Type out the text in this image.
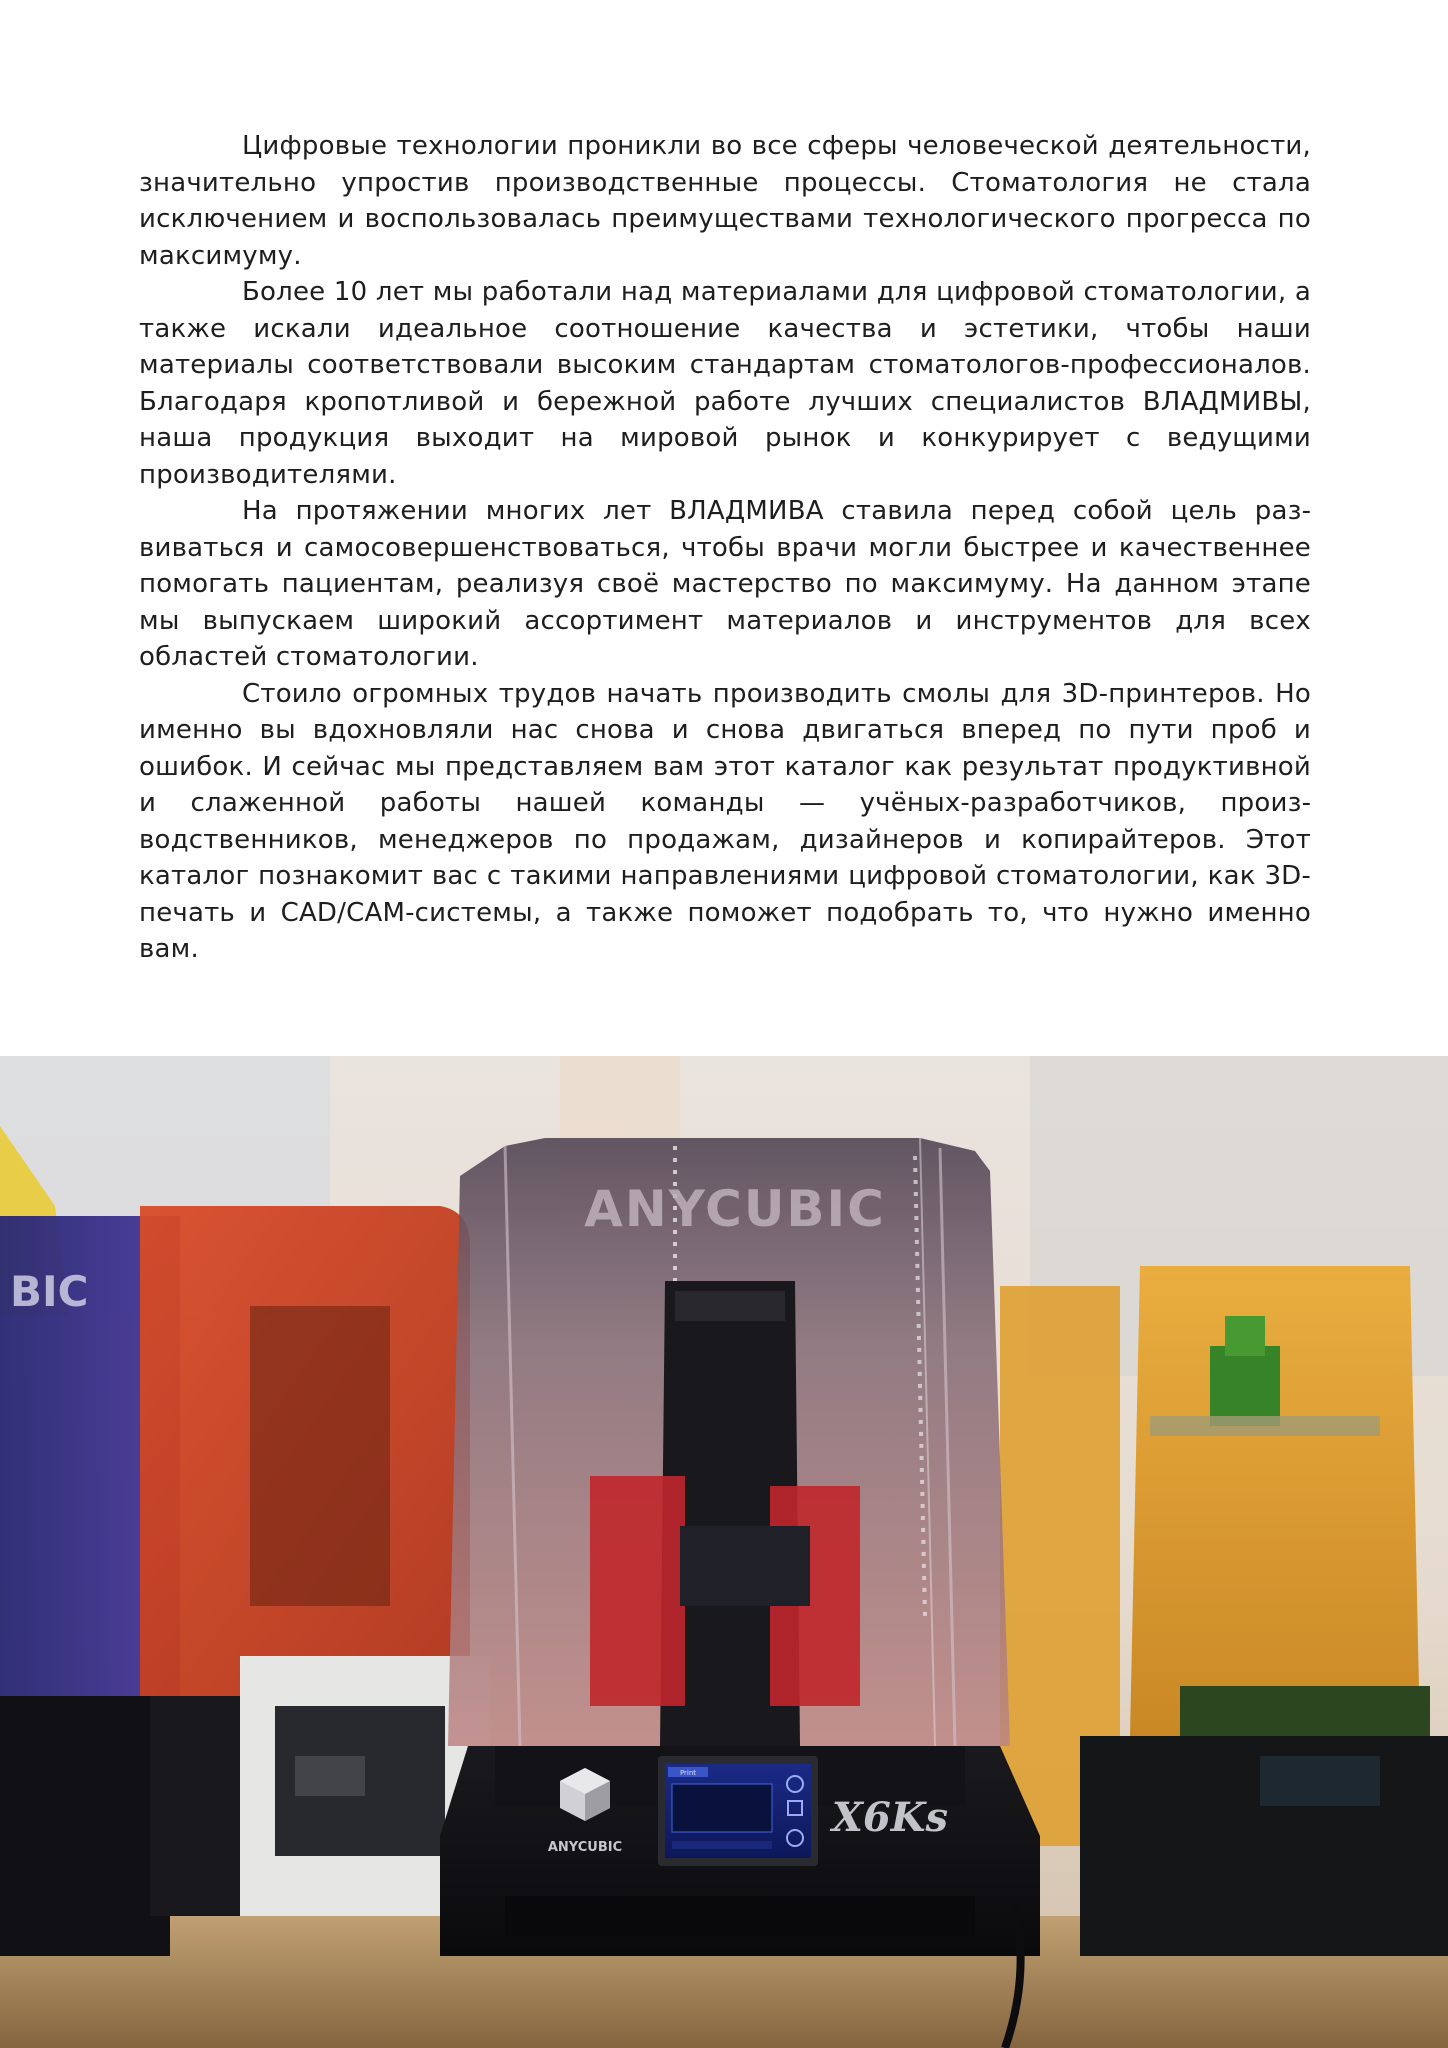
Цифровые технологии проникли во все сферы человеческой деятельности, значительно упростив производственные процессы. Стоматология не стала исключением и воспользовалась преимуществами технологического прогресса по максимуму.

Более 10 лет мы работали над материалами для цифровой стоматологии, а также искали идеальное соотношение качества и эстетики, чтобы наши материалы соответствовали высоким стандартам стоматологов-профессионалов. Благодаря кропотливой и бережной работе лучших специалистов ВЛАДМИВЫ, наша продукция выходит на мировой рынок и конкурирует с ведущими производителями.

На протяжении многих лет ВЛАДМИВА ставила перед собой цель развиваться и самосовершенствоваться, чтобы врачи могли быстрее и качественнее помогать пациентам, реализуя своё мастерство по максимуму. На данном этапе мы выпускаем широкий ассортимент материалов и инструментов для всех областей стоматологии.

Стоило огромных трудов начать производить смолы для 3D-принтеров. Но именно вы вдохновляли нас снова и снова двигаться вперед по пути проб и ошибок. И сейчас мы представляем вам этот каталог как результат продуктивной и слаженной работы нашей команды — учёных-разработчиков, производственников, менеджеров по продажам, дизайнеров и копирайтеров. Этот каталог познакомит вас с такими направлениями цифровой стоматологии, как 3D-печать и CAD/CAM-системы, а также поможет подобрать то, что нужно именно вам.

BIC
ANYCUBIC
ANYCUBIC
Print
X6Ks
